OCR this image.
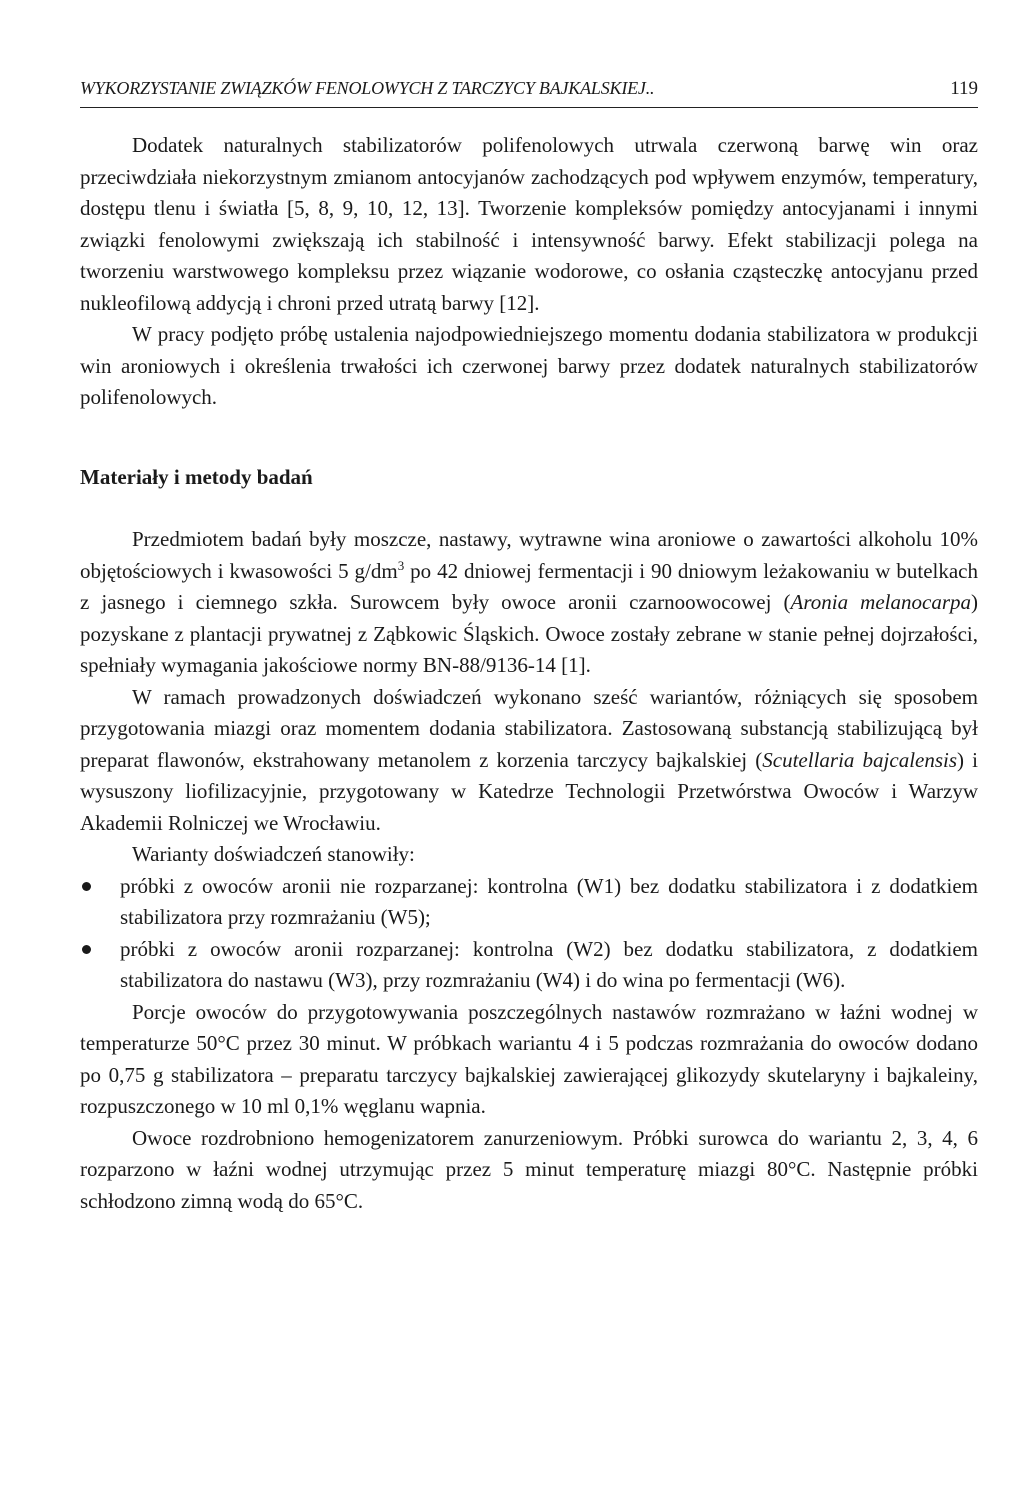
WYKORZYSTANIE ZWIĄZKÓW FENOLOWYCH Z TARCZYCY BAJKALSKIEJ..	119

Dodatek naturalnych stabilizatorów polifenolowych utrwala czerwoną barwę win oraz przeciwdziała niekorzystnym zmianom antocyjanów zachodzących pod wpływem enzymów, temperatury, dostępu tlenu i światła [5, 8, 9, 10, 12, 13]. Tworzenie kompleksów pomiędzy antocyjanami i innymi związki fenolowymi zwiększają ich stabilność i intensywność barwy. Efekt stabilizacji polega na tworzeniu warstwowego kompleksu przez wiązanie wodorowe, co osłania cząsteczkę antocyjanu przed nukleofilową addycją i chroni przed utratą barwy [12].

W pracy podjęto próbę ustalenia najodpowiedniejszego momentu dodania stabilizatora w produkcji win aroniowych i określenia trwałości ich czerwonej barwy przez dodatek naturalnych stabilizatorów polifenolowych.

Materiały i metody badań

Przedmiotem badań były moszcze, nastawy, wytrawne wina aroniowe o zawartości alkoholu 10% objętościowych i kwasowości 5 $g/dm^3$ po 42 dniowej fermentacji i 90 dniowym leżakowaniu w butelkach z jasnego i ciemnego szkła. Surowcem były owoce aronii czarnoowocowej (Aronia melanocarpa) pozyskane z plantacji prywatnej z Ząbkowic Śląskich. Owoce zostały zebrane w stanie pełnej dojrzałości, spełniały wymagania jakościowe normy BN-88/9136-14 [1].

W ramach prowadzonych doświadczeń wykonano sześć wariantów, różniących się sposobem przygotowania miazgi oraz momentem dodania stabilizatora. Zastosowaną substancją stabilizującą był preparat flawonów, ekstrahowany metanolem z korzenia tarczycy bajkalskiej (Scutellaria bajcalensis) i wysuszony liofilizacyjnie, przygotowany w Katedrze Technologii Przetwórstwa Owoców i Warzyw Akademii Rolniczej we Wrocławiu.

Warianty doświadczeń stanowiły:

próbki z owoców aronii nie rozparzanej: kontrolna (W1) bez dodatku stabilizatora i z dodatkiem stabilizatora przy rozmrażaniu (W5);
próbki z owoców aronii rozparzanej: kontrolna (W2) bez dodatku stabilizatora, z dodatkiem stabilizatora do nastawu (W3), przy rozmrażaniu (W4) i do wina po fermentacji (W6).

Porcje owoców do przygotowywania poszczególnych nastawów rozmrażano w łaźni wodnej w temperaturze 50°C przez 30 minut. W próbkach wariantu 4 i 5 podczas rozmrażania do owoców dodano po 0,75 g stabilizatora – preparatu tarczycy bajkalskiej zawierającej glikozydy skutelaryny i bajkaleiny, rozpuszczonego w 10 ml 0,1% węglanu wapnia.

Owoce rozdrobniono hemogenizatorem zanurzeniowym. Próbki surowca do wariantu 2, 3, 4, 6 rozparzono w łaźni wodnej utrzymując przez 5 minut temperaturę miazgi 80°C. Następnie próbki schłodzono zimną wodą do 65°C.
